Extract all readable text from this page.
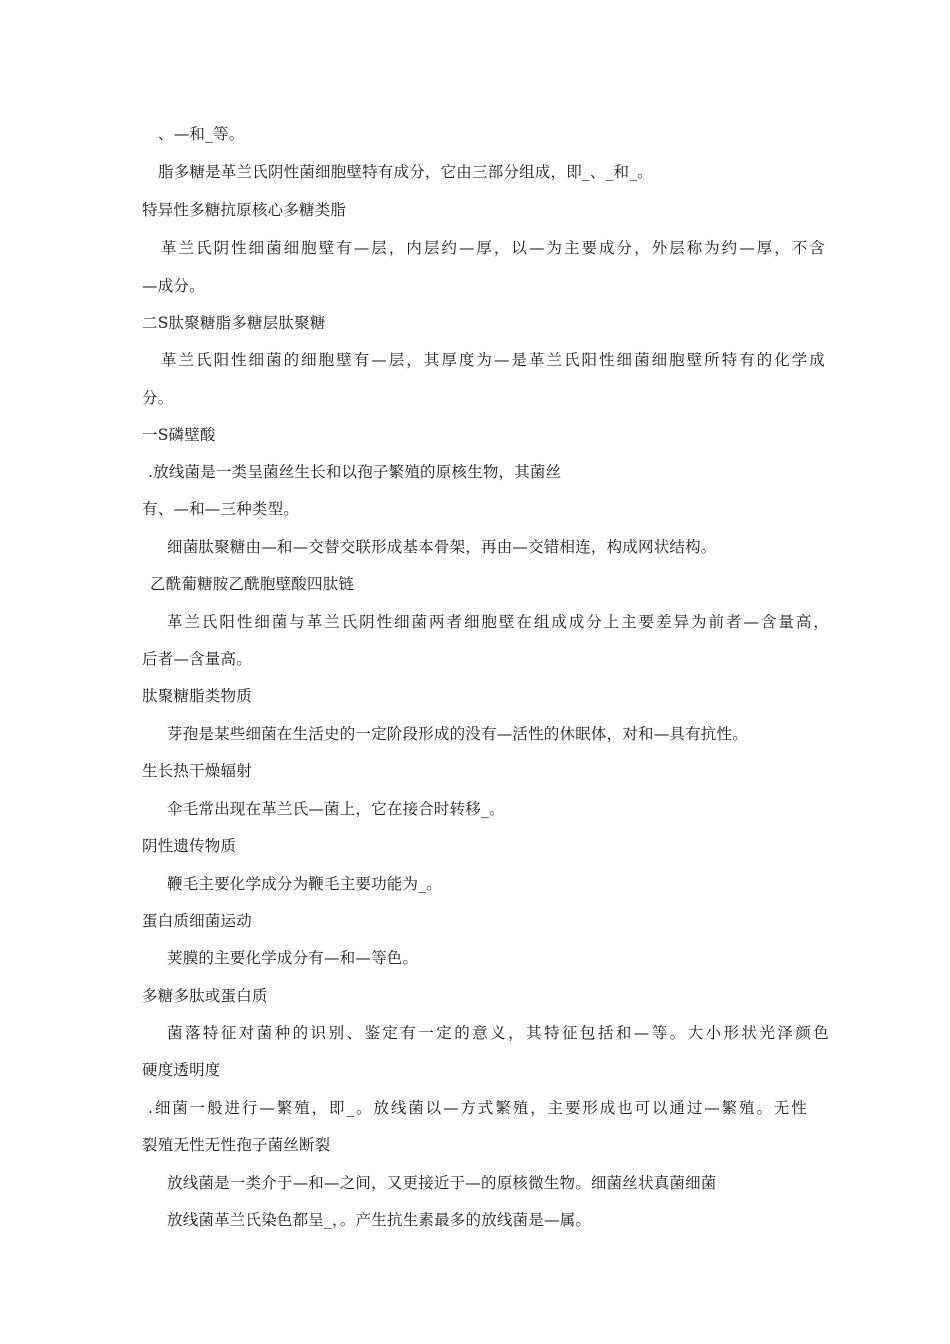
、—和_等。
脂多糖是革兰氏阴性菌细胞壁特有成分，它由三部分组成，即_、_和_。
特异性多糖抗原核心多糖类脂
革兰氏阴性细菌细胞壁有—层，内层约—厚，以—为主要成分，外层称为约—厚，不含
—成分。
二S肽聚糖脂多糖层肽聚糖
革兰氏阳性细菌的细胞壁有—层，其厚度为—是革兰氏阳性细菌细胞壁所特有的化学成
分。
一S磷壁酸
.放线菌是一类呈菌丝生长和以孢子繁殖的原核生物，其菌丝
有、—和—三种类型。
细菌肽聚糖由—和—交替交联形成基本骨架，再由—交错相连，构成网状结构。
乙酰葡糖胺乙酰胞壁酸四肽链
革兰氏阳性细菌与革兰氏阴性细菌两者细胞壁在组成成分上主要差异为前者—含量高，
后者—含量高。
肽聚糖脂类物质
芽孢是某些细菌在生活史的一定阶段形成的没有—活性的休眠体，对和—具有抗性。
生长热干燥辐射
伞毛常出现在革兰氏—菌上，它在接合时转移_。
阴性遗传物质
鞭毛主要化学成分为鞭毛主要功能为_。
蛋白质细菌运动
荚膜的主要化学成分有—和—等色。
多糖多肽或蛋白质
菌落特征对菌种的识别、鉴定有一定的意义，其特征包括和—等。大小形状光泽颜色
硬度透明度
.细菌一般进行—繁殖，即_。放线菌以—方式繁殖，主要形成也可以通过—繁殖。无性
裂殖无性无性孢子菌丝断裂
放线菌是一类介于—和—之间，又更接近于—的原核微生物。细菌丝状真菌细菌
放线菌革兰氏染色都呈_，。产生抗生素最多的放线菌是—属。
